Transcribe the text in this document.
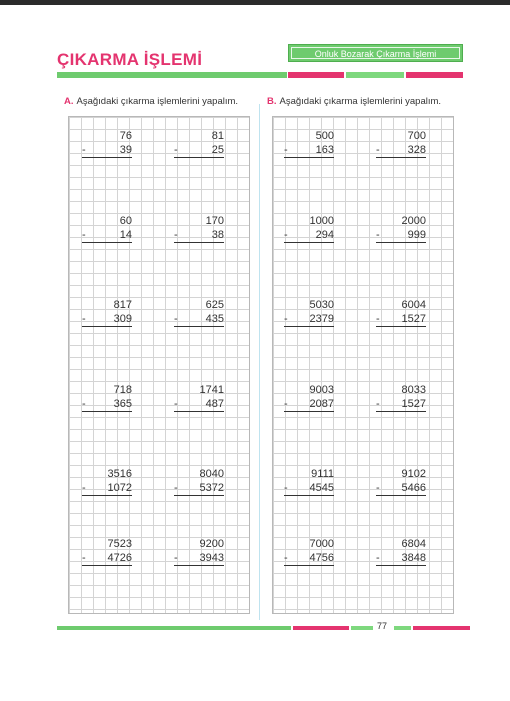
ÇIKARMA İŞLEMİ	Onluk Bozarak Çıkarma İşlemi
A. Aşağıdaki çıkarma işlemlerini yapalım.	B. Aşağıdaki çıkarma işlemlerini yapalım.
76
-	39
81
-	25
60
-	14
170
-	38
817
-	309
625
-	435
718
-	365
1741
-	487
3516
- 1072
8040
- 5372
7523
- 4726
9200
- 3943
500
-	163
700
-	328
1000
-	294
2000
-	999
5030
- 2379
6004
- 1527
9003
- 2087
8033
- 1527
9111
- 4545
9102
- 5466
7000
- 4756
6804
- 3848
77
